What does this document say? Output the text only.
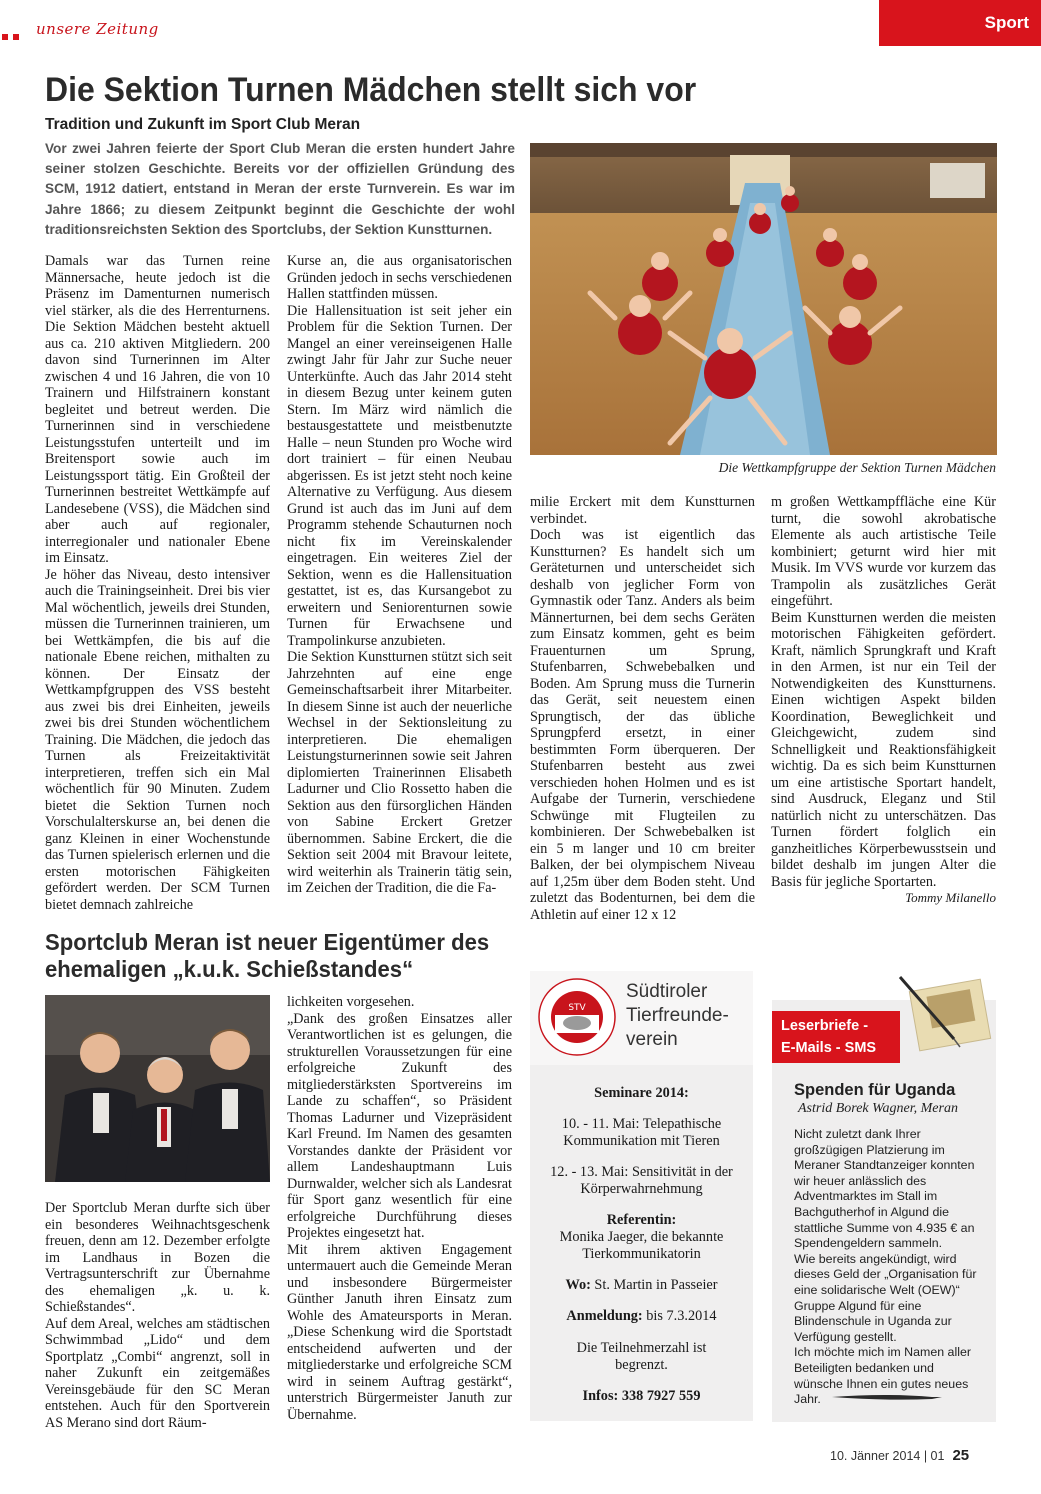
unsere Zeitung	Sport
Die Sektion Turnen Mädchen stellt sich vor
Tradition und Zukunft im Sport Club Meran
Vor zwei Jahren feierte der Sport Club Meran die ersten hundert Jahre seiner stolzen Geschichte. Bereits vor der offiziellen Gründung des SCM, 1912 datiert, entstand in Meran der erste Turnverein. Es war im Jahre 1866; zu diesem Zeitpunkt beginnt die Geschichte der wohl traditionsreichsten Sektion des Sportclubs, der Sektion Kunstturnen.

Damals war das Turnen reine Männersache, heute jedoch ist die Präsenz im Damenturnen numerisch viel stärker, als die des Herrenturnens. Die Sektion Mädchen besteht aktuell aus ca. 210 aktiven Mitgliedern. 200 davon sind Turnerinnen im Alter zwischen 4 und 16 Jahren, die von 10 Trainern und Hilfstrainern konstant begleitet und betreut werden. Die Turnerinnen sind in verschiedene Leistungsstufen unterteilt und im Breitensport sowie auch im Leistungssport tätig. Ein Großteil der Turnerinnen bestreitet Wettkämpfe auf Landesebene (VSS), die Mädchen sind aber auch auf regionaler, interregionaler und nationaler Ebene im Einsatz.

Je höher das Niveau, desto intensiver auch die Trainingseinheit. Drei bis vier Mal wöchentlich, jeweils drei Stunden, müssen die Turnerinnen trainieren, um bei Wettkämpfen, die bis auf die nationale Ebene reichen, mithalten zu können. Der Einsatz der Wettkampfgruppen des VSS besteht aus zwei bis drei Einheiten, jeweils zwei bis drei Stunden wöchentlichem Training. Die Mädchen, die jedoch das Turnen als Freizeitaktivität interpretieren, treffen sich ein Mal wöchentlich für 90 Minuten. Zudem bietet die Sektion Turnen noch Vorschulalterskurse an, bei denen die ganz Kleinen in einer Wochenstunde das Turnen spielerisch erlernen und die ersten motorischen Fähigkeiten gefördert werden. Der SCM Turnen bietet demnach zahlreiche

Kurse an, die aus organisatorischen Gründen jedoch in sechs verschiedenen Hallen stattfinden müssen.

Die Hallensituation ist seit jeher ein Problem für die Sektion Turnen. Der Mangel an einer vereinseigenen Halle zwingt Jahr für Jahr zur Suche neuer Unterkünfte. Auch das Jahr 2014 steht in diesem Bezug unter keinem guten Stern. Im März wird nämlich die bestausgestattete und meistbenutzte Halle – neun Stunden pro Woche wird dort trainiert – für einen Neubau abgerissen. Es ist jetzt steht noch keine Alternative zu Verfügung. Aus diesem Grund ist auch das im Juni auf dem Programm stehende Schauturnen noch nicht fix im Vereinskalender eingetragen. Ein weiteres Ziel der Sektion, wenn es die Hallensituation gestattet, ist es, das Kursangebot zu erweitern und Seniorenturnen sowie Turnen für Erwachsene und Trampolinkurse anzubieten.

Die Sektion Kunstturnen stützt sich seit Jahrzehnten auf eine enge Gemeinschaftsarbeit ihrer Mitarbeiter. In diesem Sinne ist auch der neuerliche Wechsel in der Sektionsleitung zu interpretieren. Die ehemaligen Leistungsturnerinnen sowie seit Jahren diplomierten Trainerinnen Elisabeth Ladurner und Clio Rossetto haben die Sektion aus den fürsorglichen Händen von Sabine Erckert Gretzer übernommen. Sabine Erckert, die die Sektion seit 2004 mit Bravour leitete, wird weiterhin als Trainerin tätig sein, im Zeichen der Tradition, die die Fa-

Die Wettkampfgruppe der Sektion Turnen Mädchen

milie Erckert mit dem Kunstturnen verbindet.

Doch was ist eigentlich das Kunstturnen? Es handelt sich um Geräteturnen und unterscheidet sich deshalb von jeglicher Form von Gymnastik oder Tanz. Anders als beim Männerturnen, bei dem sechs Geräten zum Einsatz kommen, geht es beim Frauenturnen um Sprung, Stufenbarren, Schwebebalken und Boden. Am Sprung muss die Turnerin das Gerät, seit neuestem einen Sprungtisch, der das übliche Sprungpferd ersetzt, in einer bestimmten Form überqueren. Der Stufenbarren besteht aus zwei verschieden hohen Holmen und es ist Aufgabe der Turnerin, verschiedene Schwünge mit Flugteilen zu kombinieren. Der Schwebebalken ist ein 5 m langer und 10 cm breiter Balken, der bei olympischem Niveau auf 1,25m über dem Boden steht. Und zuletzt das Bodenturnen, bei dem die Athletin auf einer 12 x 12

m großen Wettkampffläche eine Kür turnt, die sowohl akrobatische Elemente als auch artistische Teile kombiniert; geturnt wird hier mit Musik. Im VVS wurde vor kurzem das Trampolin als zusätzliches Gerät eingeführt.

Beim Kunstturnen werden die meisten motorischen Fähigkeiten gefördert. Kraft, nämlich Sprungkraft und Kraft in den Armen, ist nur ein Teil der Notwendigkeiten des Kunstturnens. Einen wichtigen Aspekt bilden Koordination, Beweglichkeit und Gleichgewicht, zudem sind Schnelligkeit und Reaktionsfähigkeit wichtig. Da es sich beim Kunstturnen um eine artistische Sportart handelt, sind Ausdruck, Eleganz und Stil natürlich nicht zu unterschätzen. Das Turnen fördert folglich ein ganzheitliches Körperbewusstsein und bildet deshalb im jungen Alter die Basis für jegliche Sportarten.

Tommy Milanello
Sportclub Meran ist neuer Eigentümer des ehemaligen „k.u.k. Schießstandes“

Der Sportclub Meran durfte sich über ein besonderes Weihnachtsgeschenk freuen, denn am 12. Dezember erfolgte im Landhaus in Bozen die Vertragsunterschrift zur Übernahme des ehemaligen „k. u. k. Schießstandes“.

Auf dem Areal, welches am städtischen Schwimmbad „Lido“ und dem Sportplatz „Combi“ angrenzt, soll in naher Zukunft ein zeitgemäßes Vereinsgebäude für den SC Meran entstehen. Auch für den Sportverein AS Merano sind dort Räum-

lichkeiten vorgesehen.

„Dank des großen Einsatzes aller Verantwortlichen ist es gelungen, die strukturellen Voraussetzungen für eine erfolgreiche Zukunft des mitgliederstärksten Sportvereins im Lande zu schaffen“, so Präsident Thomas Ladurner und Vizepräsident Karl Freund. Im Namen des gesamten Vorstandes dankte der Präsident vor allem Landeshauptmann Luis Durnwalder, welcher sich als Landesrat für Sport ganz wesentlich für eine erfolgreiche Durchführung dieses Projektes eingesetzt hat.

Mit ihrem aktiven Engagement untermauert auch die Gemeinde Meran und insbesondere Bürgermeister Günther Januth ihren Einsatz zum Wohle des Amateursports in Meran. „Diese Schenkung wird die Sportstadt entscheidend aufwerten und der mitgliederstarke und erfolgreiche SCM wird in seinem Auftrag gestärkt“, unterstrich Bürgermeister Januth zur Übernahme.

STV
Südtiroler
Tierfreunde-
verein
Seminare 2014:
10. - 11. Mai: Telepathische Kommunikation mit Tieren
12. - 13. Mai: Sensitivität in der Körperwahrnehmung
Referentin:
Monika Jaeger, die bekannte Tierkommunikatorin
Wo: St. Martin in Passeier
Anmeldung: bis 7.3.2014
Die Teilnehmerzahl ist begrenzt.
Infos: 338 7927 559
Leserbriefe -
E-Mails - SMS
Spenden für Uganda
Astrid Borek Wagner, Meran

Nicht zuletzt dank Ihrer großzügigen Platzierung im Meraner Standtanzeiger konnten wir heuer anlässlich des Adventmarktes im Stall im Bachgutherhof in Algund die stattliche Summe von 4.935 € an Spendengeldern sammeln.

Wie bereits angekündigt, wird dieses Geld der „Organisation für eine solidarische Welt (OEW)“ Gruppe Algund für eine Blindenschule in Uganda zur Verfügung gestellt.

Ich möchte mich im Namen aller Beteiligten bedanken und wünsche Ihnen ein gutes neues Jahr.

10. Jänner 2014 | 01 25
